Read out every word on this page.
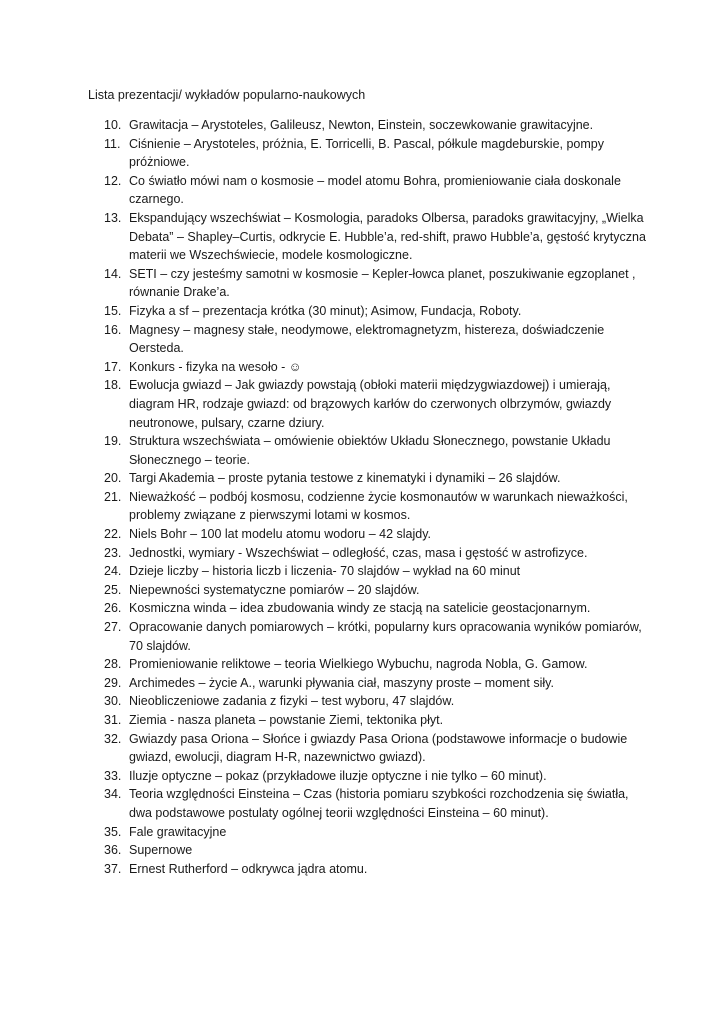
Lista prezentacji/ wykładów popularno-naukowych
10. Grawitacja – Arystoteles, Galileusz, Newton, Einstein, soczewkowanie grawitacyjne.
11. Ciśnienie – Arystoteles, próżnia, E. Torricelli, B. Pascal, półkule magdeburskie, pompy próżniowe.
12. Co światło mówi nam o kosmosie – model atomu Bohra, promieniowanie ciała doskonale czarnego.
13. Ekspandujący wszechświat – Kosmologia, paradoks Olbersa, paradoks grawitacyjny, „Wielka Debata” – Shapley–Curtis, odkrycie E. Hubble’a, red-shift, prawo Hubble’a, gęstość krytyczna materii we Wszechświecie, modele kosmologiczne.
14. SETI – czy jesteśmy samotni w kosmosie – Kepler-łowca planet, poszukiwanie egzoplanet , równanie Drake’a.
15. Fizyka a sf – prezentacja krótka (30 minut); Asimow, Fundacja, Roboty.
16. Magnesy – magnesy stałe, neodymowe, elektromagnetyzm, histereza, doświadczenie Oersteda.
17. Konkurs - fizyka na wesoło - ☺
18. Ewolucja gwiazd – Jak gwiazdy powstają (obłoki materii międzygwiazdowej) i umierają, diagram HR, rodzaje gwiazd: od brązowych karłów do czerwonych olbrzymów, gwiazdy neutronowe, pulsary, czarne dziury.
19. Struktura wszechświata – omówienie obiektów Układu Słonecznego, powstanie Układu Słonecznego – teorie.
20. Targi Akademia – proste pytania testowe z kinematyki i dynamiki – 26 slajdów.
21. Nieważkość – podbój kosmosu, codzienne życie kosmonautów w warunkach nieważkości, problemy związane z pierwszymi lotami w kosmos.
22. Niels Bohr – 100 lat modelu atomu wodoru – 42 slajdy.
23. Jednostki, wymiary - Wszechświat – odległość, czas, masa i gęstość w astrofizyce.
24. Dzieje liczby – historia liczb i liczenia- 70 slajdów – wykład na 60 minut
25. Niepewności systematyczne pomiarów – 20 slajdów.
26. Kosmiczna winda – idea zbudowania windy ze stacją na satelicie geostacjonarnym.
27. Opracowanie danych pomiarowych – krótki, popularny kurs opracowania wyników pomiarów, 70 slajdów.
28. Promieniowanie reliktowe – teoria Wielkiego Wybuchu, nagroda Nobla, G. Gamow.
29. Archimedes – życie A., warunki pływania ciał, maszyny proste – moment siły.
30. Nieobliczeniowe zadania z fizyki – test wyboru, 47 slajdów.
31. Ziemia - nasza planeta – powstanie Ziemi, tektonika płyt.
32. Gwiazdy pasa Oriona – Słońce i gwiazdy Pasa Oriona (podstawowe informacje o budowie gwiazd, ewolucji, diagram H-R, nazewnictwo gwiazd).
33. Iluzje optyczne – pokaz (przykładowe iluzje optyczne i nie tylko – 60 minut).
34. Teoria względności Einsteina – Czas (historia pomiaru szybkości rozchodzenia się światła, dwa podstawowe postulaty ogólnej teorii względności Einsteina – 60 minut).
35. Fale grawitacyjne
36. Supernowe
37. Ernest Rutherford – odkrywca jądra atomu.
